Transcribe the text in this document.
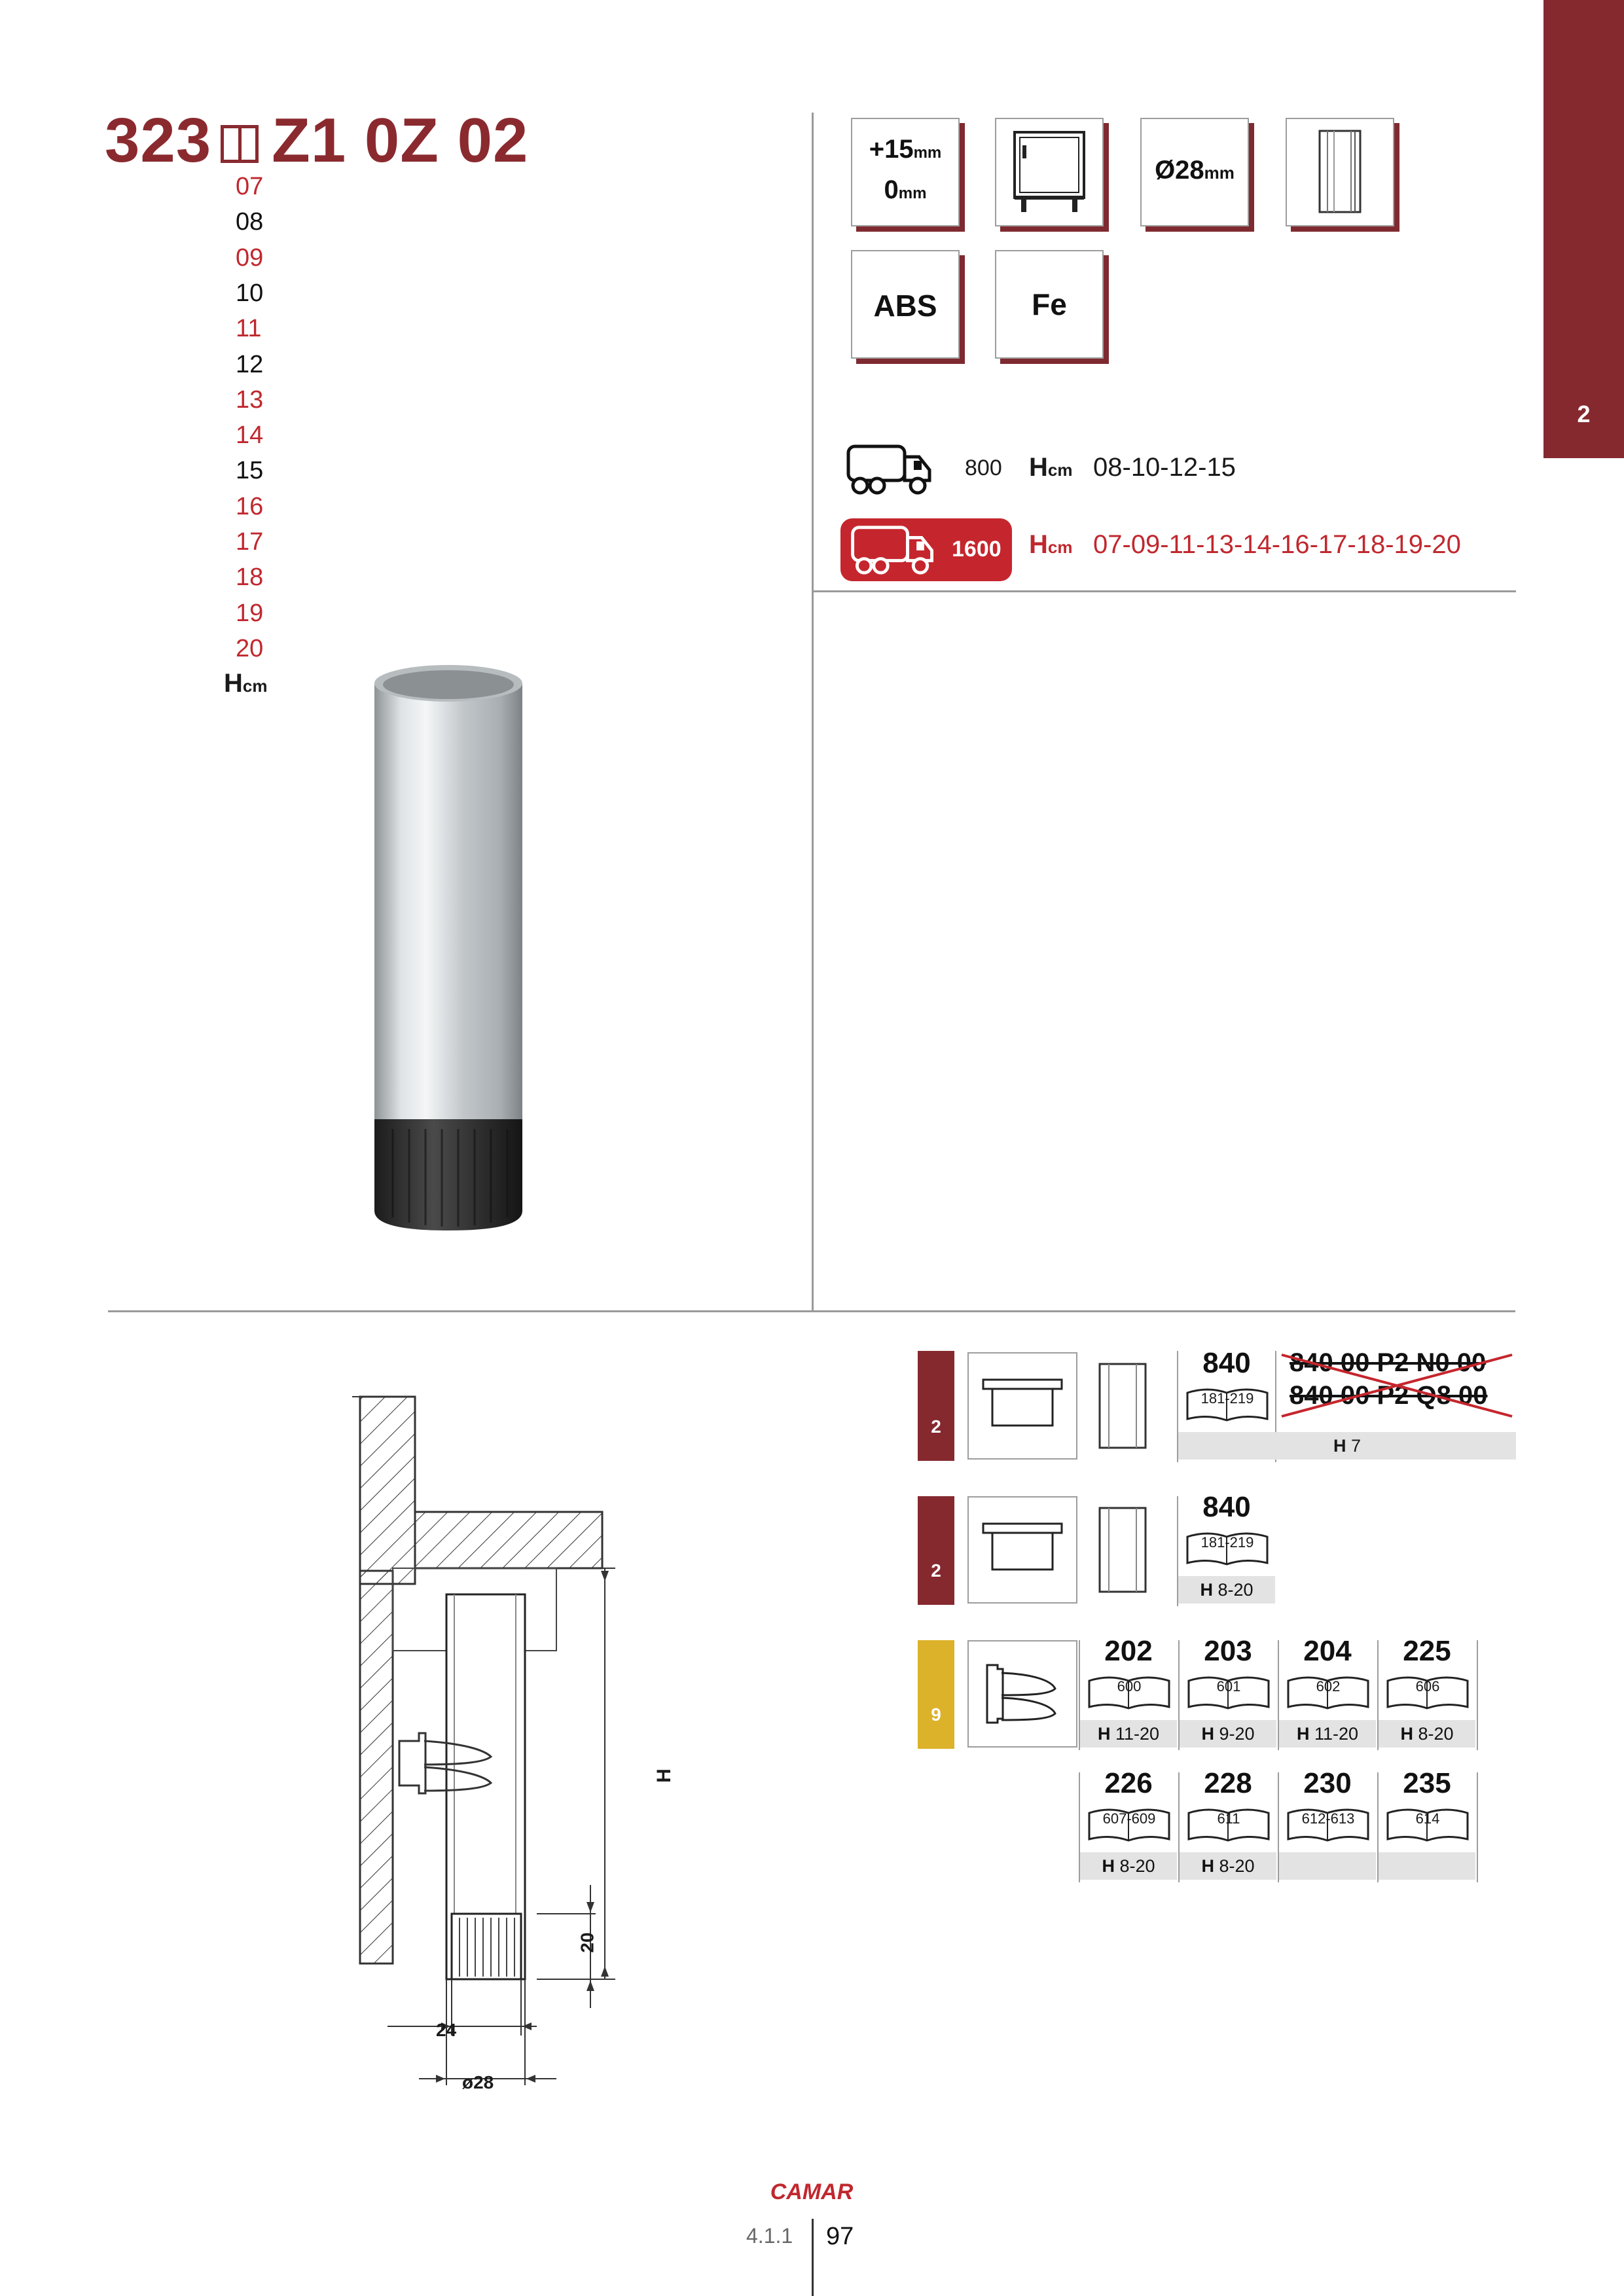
2
323 Z1 0Z 02
07
08
09
10
11
12
13
14
15
16
17
18
19
20
Hcm
+15mm
0mm
Ø28mm
ABS	Fe
800 Hcm 08-10-12-15
1600 Hcm 07-09-11-13-14-16-17-18-19-20
H
20
24
ø28
2
840
181-219
840 00 P2 N0 00
840 00 P2 Q8 00
H 7
2
840
181-219
H 8-20
9
202
600
H 11-20
203
601
H 9-20
204
602
H 11-20
225
606
H 8-20
226
607-609
H 8-20
228
611
H 8-20
230
612-613
235
614
CAMAR
4.1.1 97
